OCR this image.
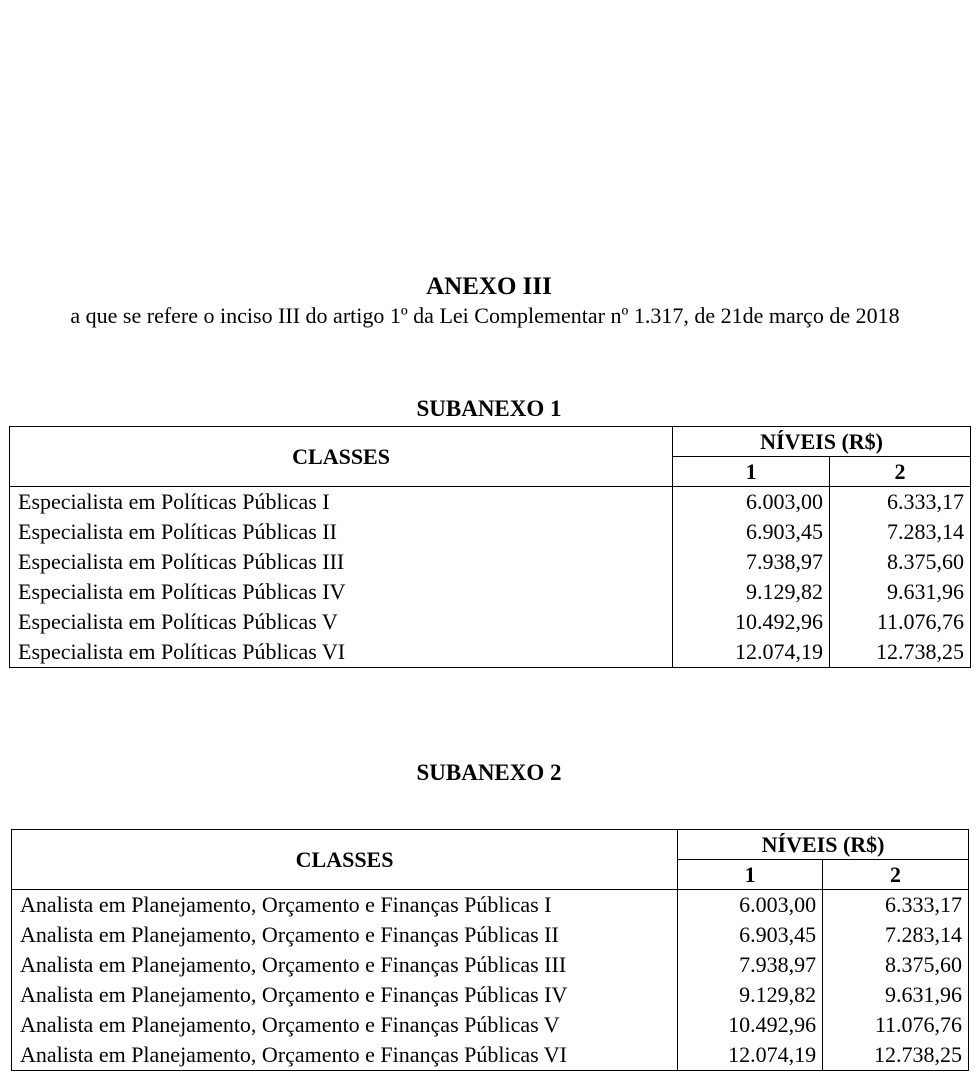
ANEXO III
a que se refere o inciso III do artigo 1º da Lei Complementar nº 1.317, de 21de março de 2018
SUBANEXO 1
CLASSES	NÍVEIS (R$)	
	1	2
Especialista em Políticas Públicas I	6.003,00	6.333,17
Especialista em Políticas Públicas II	6.903,45	7.283,14
Especialista em Políticas Públicas III	7.938,97	8.375,60
Especialista em Políticas Públicas IV	9.129,82	9.631,96
Especialista em Políticas Públicas V	10.492,96	11.076,76
Especialista em Políticas Públicas VI	12.074,19	12.738,25
SUBANEXO 2
CLASSES	NÍVEIS (R$)	
	1	2
Analista em Planejamento, Orçamento e Finanças Públicas I	6.003,00	6.333,17
Analista em Planejamento, Orçamento e Finanças Públicas II	6.903,45	7.283,14
Analista em Planejamento, Orçamento e Finanças Públicas III	7.938,97	8.375,60
Analista em Planejamento, Orçamento e Finanças Públicas IV	9.129,82	9.631,96
Analista em Planejamento, Orçamento e Finanças Públicas V	10.492,96	11.076,76
Analista em Planejamento, Orçamento e Finanças Públicas VI	12.074,19	12.738,25
